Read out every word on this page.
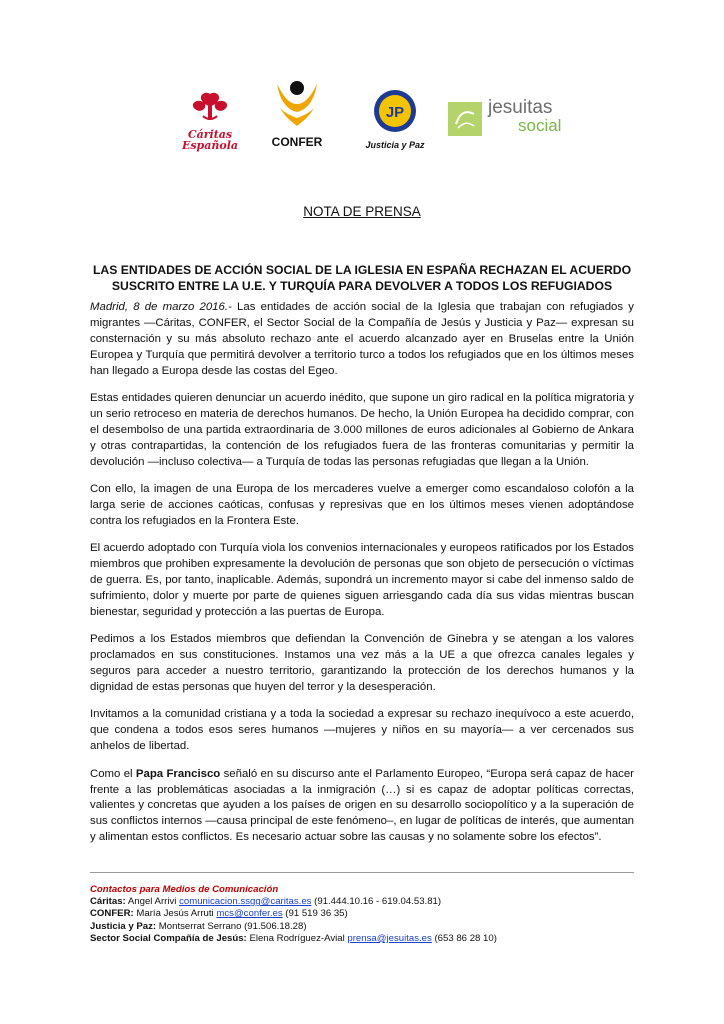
Cáritas
Española	CONFER
JP
Justicia y Paz
jesuitas
social
NOTA DE PRENSA
LAS ENTIDADES DE ACCIÓN SOCIAL DE LA IGLESIA EN ESPAÑA RECHAZAN EL ACUERDO SUSCRITO ENTRE LA U.E. Y TURQUÍA PARA DEVOLVER A TODOS LOS REFUGIADOS

Madrid, 8 de marzo 2016.- Las entidades de acción social de la Iglesia que trabajan con refugiados y migrantes —Cáritas, CONFER, el Sector Social de la Compañía de Jesús y Justicia y Paz— expresan su consternación y su más absoluto rechazo ante el acuerdo alcanzado ayer en Bruselas entre la Unión Europea y Turquía que permitirá devolver a territorio turco a todos los refugiados que en los últimos meses han llegado a Europa desde las costas del Egeo.

Estas entidades quieren denunciar un acuerdo inédito, que supone un giro radical en la política migratoria y un serio retroceso en materia de derechos humanos. De hecho, la Unión Europea ha decidido comprar, con el desembolso de una partida extraordinaria de 3.000 millones de euros adicionales al Gobierno de Ankara y otras contrapartidas, la contención de los refugiados fuera de las fronteras comunitarias y permitir la devolución —incluso colectiva— a Turquía de todas las personas refugiadas que llegan a la Unión.

Con ello, la imagen de una Europa de los mercaderes vuelve a emerger como escandaloso colofón a la larga serie de acciones caóticas, confusas y represivas que en los últimos meses vienen adoptándose contra los refugiados en la Frontera Este.

El acuerdo adoptado con Turquía viola los convenios internacionales y europeos ratificados por los Estados miembros que prohiben expresamente la devolución de personas que son objeto de persecución o víctimas de guerra. Es, por tanto, inaplicable. Además, supondrá un incremento mayor si cabe del inmenso saldo de sufrimiento, dolor y muerte por parte de quienes siguen arriesgando cada día sus vidas mientras buscan bienestar, seguridad y protección a las puertas de Europa.

Pedimos a los Estados miembros que defiendan la Convención de Ginebra y se atengan a los valores proclamados en sus constituciones. Instamos una vez más a la UE a que ofrezca canales legales y seguros para acceder a nuestro territorio, garantizando la protección de los derechos humanos y la dignidad de estas personas que huyen del terror y la desesperación.

Invitamos a la comunidad cristiana y a toda la sociedad a expresar su rechazo inequívoco a este acuerdo, que condena a todos esos seres humanos —mujeres y niños en su mayoría— a ver cercenados sus anhelos de libertad.

Como el Papa Francisco señaló en su discurso ante el Parlamento Europeo, “Europa será capaz de hacer frente a las problemáticas asociadas a la inmigración (…) si es capaz de adoptar políticas correctas, valientes y concretas que ayuden a los países de origen en su desarrollo sociopolítico y a la superación de sus conflictos internos —causa principal de este fenómeno–, en lugar de políticas de interés, que aumentan y alimentan estos conflictos. Es necesario actuar sobre las causas y no solamente sobre los efectos”.

Contactos para Medios de Comunicación
Cáritas: Angel Arrivi comunicacion.ssgg@caritas.es (91.444.10.16 - 619.04.53.81)
CONFER: María Jesús Arruti mcs@confer.es (91 519 36 35)
Justicia y Paz: Montserrat Serrano (91.506.18.28)
Sector Social Compañía de Jesús: Elena Rodríguez-Avial prensa@jesuitas.es (653 86 28 10)
